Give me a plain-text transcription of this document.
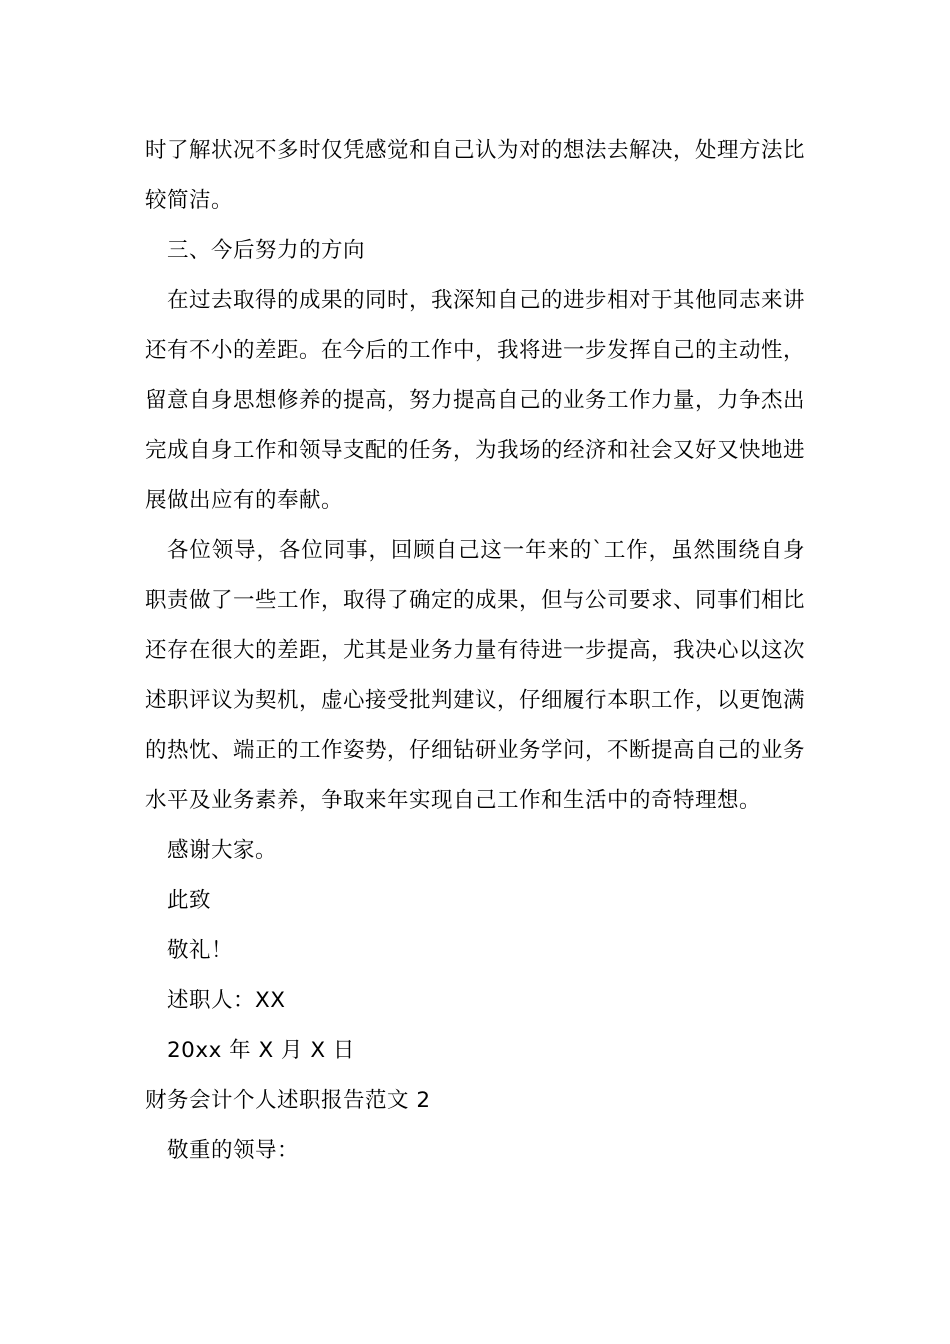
时了解状况不多时仅凭感觉和自己认为对的想法去解决，处理方法比较简洁。

三、今后努力的方向

在过去取得的成果的同时，我深知自己的进步相对于其他同志来讲还有不小的差距。在今后的工作中，我将进一步发挥自己的主动性，留意自身思想修养的提高，努力提高自己的业务工作力量，力争杰出完成自身工作和领导支配的任务，为我场的经济和社会又好又快地进展做出应有的奉献。

各位领导，各位同事，回顾自己这一年来的`工作，虽然围绕自身职责做了一些工作，取得了确定的成果，但与公司要求、同事们相比还存在很大的差距，尤其是业务力量有待进一步提高，我决心以这次述职评议为契机，虚心接受批判建议，仔细履行本职工作，以更饱满的热忱、端正的工作姿势，仔细钻研业务学问，不断提高自己的业务水平及业务素养，争取来年实现自己工作和生活中的奇特理想。

感谢大家。

此致

敬礼！

述职人：XX

20xx 年 X 月 X 日

财务会计个人述职报告范文 2

敬重的领导：
